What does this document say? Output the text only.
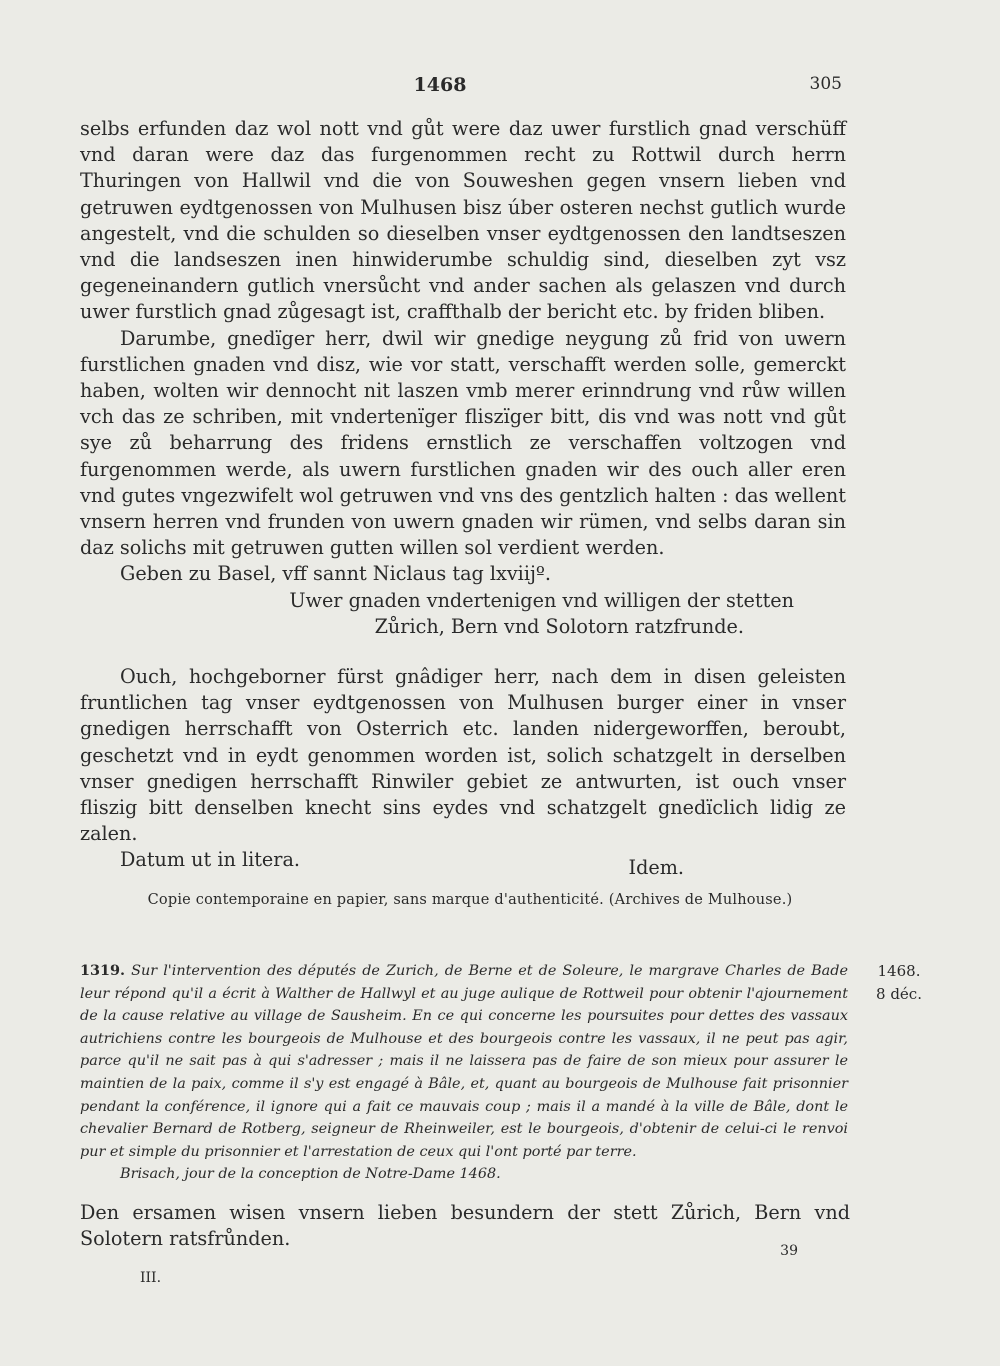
1468	305

selbs erfunden daz wol nott vnd gůt were daz uwer furstlich gnad verschüff vnd daran were daz das furgenommen recht zu Rottwil durch herrn Thuringen von Hallwil vnd die von Souweshen gegen vnsern lieben vnd getruwen eydtgenossen von Mulhusen bisz úber osteren nechst gutlich wurde angestelt, vnd die schulden so dieselben vnser eydtgenossen den landtseszen vnd die landseszen inen hinwiderumbe schuldig sind, dieselben zyt vsz gegeneinandern gutlich vnersůcht vnd ander sachen als gelaszen vnd durch uwer furstlich gnad zůgesagt ist, craffthalb der bericht etc. by friden bliben.

Darumbe, gnedïger herr, dwil wir gnedige neygung zů frid von uwern furstlichen gnaden vnd disz, wie vor statt, verschafft werden solle, gemerckt haben, wolten wir dennocht nit laszen vmb merer erinndrung vnd růw willen vch das ze schriben, mit vndertenïger fliszïger bitt, dis vnd was nott vnd gůt sye zů beharrung des fridens ernstlich ze verschaffen voltzogen vnd furgenommen werde, als uwern furstlichen gnaden wir des ouch aller eren vnd gutes vngezwifelt wol getruwen vnd vns des gentzlich halten : das wellent vnsern herren vnd frunden von uwern gnaden wir rümen, vnd selbs daran sin daz solichs mit getruwen gutten willen sol verdient werden.

Geben zu Basel, vff sannt Niclaus tag lxviijº.

Uwer gnaden vndertenigen vnd willigen der stetten

Zůrich, Bern vnd Solotorn ratzfrunde.

Ouch, hochgeborner fürst gnâdiger herr, nach dem in disen geleisten fruntlichen tag vnser eydtgenossen von Mulhusen burger einer in vnser gnedigen herrschafft von Osterrich etc. landen nidergeworffen, beroubt, geschetzt vnd in eydt genommen worden ist, solich schatzgelt in derselben vnser gnedigen herrschafft Rinwiler gebiet ze antwurten, ist ouch vnser fliszig bitt denselben knecht sins eydes vnd schatzgelt gnedïclich lidig ze zalen.

Datum ut in litera.	Idem.
Copie contemporaine en papier, sans marque d'authenticité. (Archives de Mulhouse.)

1319. Sur l'intervention des députés de Zurich, de Berne et de Soleure, le margrave Charles de Bade leur répond qu'il a écrit à Walther de Hallwyl et au juge aulique de Rottweil pour obtenir l'ajournement de la cause relative au village de Sausheim. En ce qui concerne les poursuites pour dettes des vassaux autrichiens contre les bourgeois de Mulhouse et des bourgeois contre les vassaux, il ne peut pas agir, parce qu'il ne sait pas à qui s'adresser ; mais il ne laissera pas de faire de son mieux pour assurer le maintien de la paix, comme il s'y est engagé à Bâle, et, quant au bourgeois de Mulhouse fait prisonnier pendant la conférence, il ignore qui a fait ce mauvais coup ; mais il a mandé à la ville de Bâle, dont le chevalier Bernard de Rotberg, seigneur de Rheinweiler, est le bourgeois, d'obtenir de celui-ci le renvoi pur et simple du prisonnier et l'arrestation de ceux qui l'ont porté par terre.

Brisach, jour de la conception de Notre-Dame 1468.

1468.
8 déc.

Den ersamen wisen vnsern lieben besundern der stett Zůrich, Bern vnd Solotern ratsfrůnden.

39
III.
